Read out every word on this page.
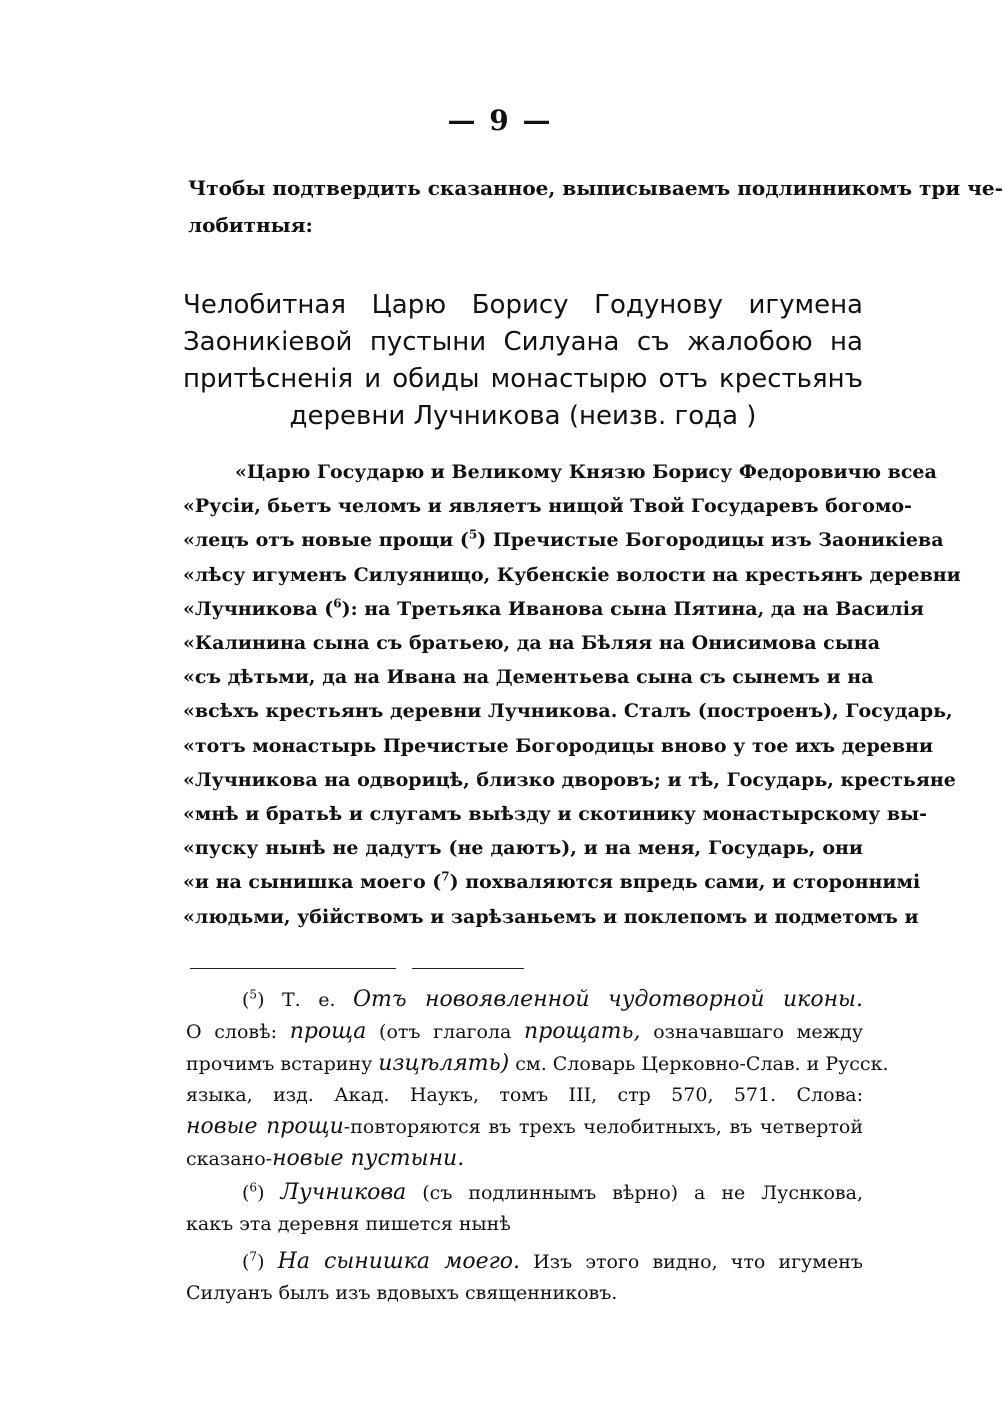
— 9 —
Чтобы подтвердить сказанное, выписываемъ подлинникомъ три че-
лобитныя:
Челобитная Царю Борису Годунову игумена
Заоникіевой пустыни Силуана съ жалобою на
притѣсненія и обиды монастырю отъ крестьянъ
деревни Лучникова (неизв. года )
«Царю Государю и Великому Князю Борису Федоровичю всеа
«Русіи, бьетъ челомъ и являетъ нищой Твой Государевъ богомо-
«лецъ отъ новые прощи ($^5$) Пречистые Богородицы изъ Заоникіева
«лѣсу игуменъ Силуянищо, Кубенскіе волости на крестьянъ деревни
«Лучникова ($^6$): на Третьяка Иванова сына Пятина, да на Василія
«Калинина сына съ братьею, да на Бѣляя на Онисимова сына
«съ дѣтьми, да на Ивана на Дементьева сына съ сынемъ и на
«всѣхъ крестьянъ деревни Лучникова. Сталъ (построенъ), Государь,
«тотъ монастырь Пречистые Богородицы вново у тое ихъ деревни
«Лучникова на одворицѣ, близко дворовъ; и тѣ, Государь, крестьяне
«мнѣ и братьѣ и слугамъ выѣзду и скотинику монастырскому вы-
«пуску нынѣ не дадутъ (не даютъ), и на меня, Государь, они
«и на сынишка моего ($^7$) похваляются впредь сами, и стороннимі
«людьми, убійствомъ и зарѣзаньемъ и поклепомъ и подметомъ и
($^5$) Т. е. Отъ новоявленной чудотворной иконы.
О словѣ: проща (отъ глагола прощать, означавшаго между
прочимъ встарину изцѣлять) см. Словарь Церковно-Слав. и Русск.
языка, изд. Акад. Наукъ, томъ III, стр 570, 571. Слова:
новые прощи-повторяются въ трехъ челобитныхъ, въ четвертой
сказано-новые пустыни.
($^6$) Лучникова (съ подлиннымъ вѣрно) а не Луснкова,
какъ эта деревня пишется нынѣ
($^7$) На сынишка моего. Изъ этого видно, что игуменъ
Силуанъ былъ изъ вдовыхъ священниковъ.
